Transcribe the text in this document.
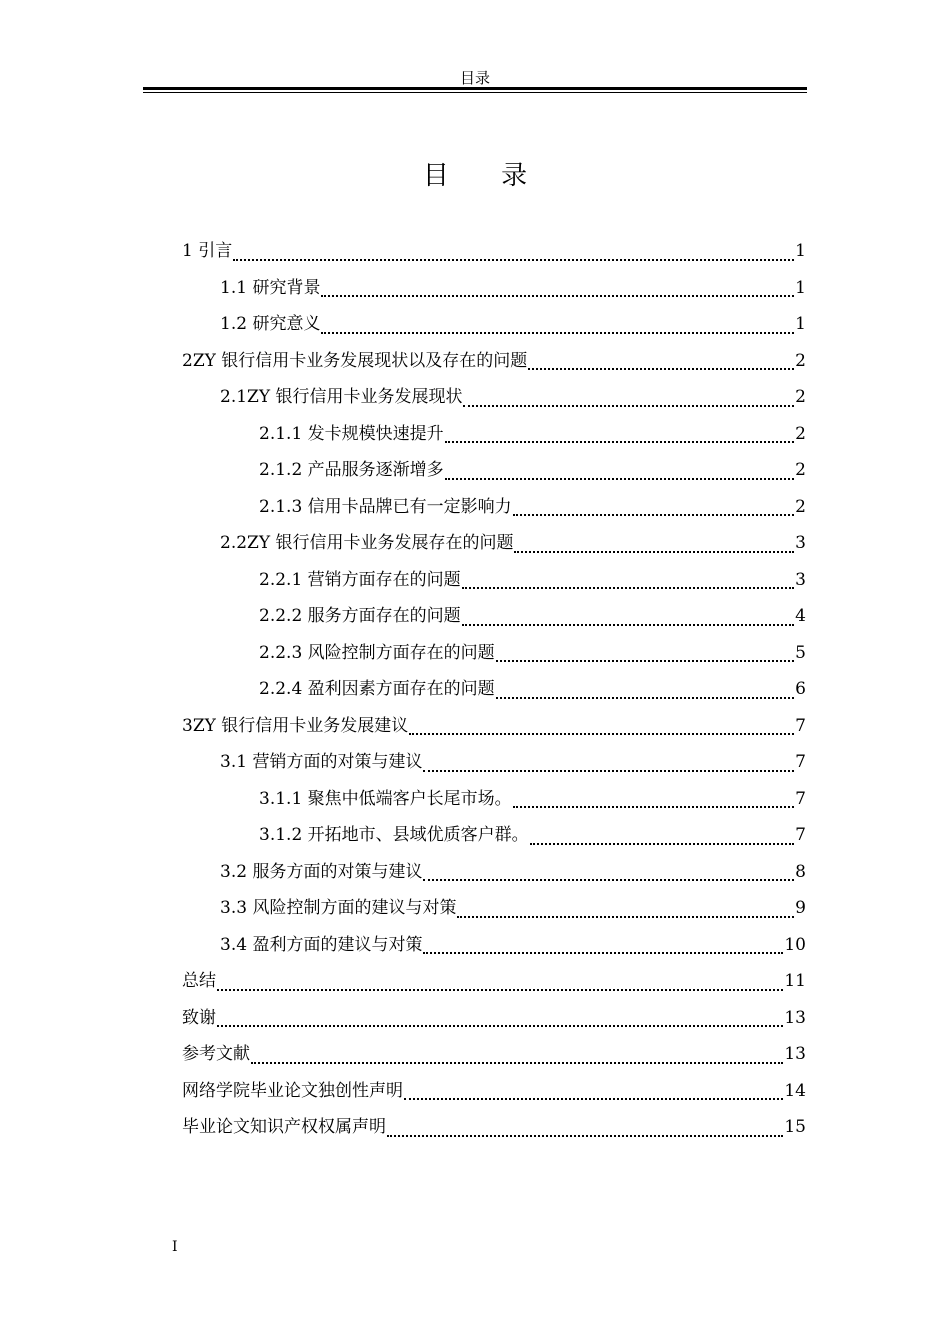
目录
目 录
1 引言	1
1.1 研究背景	1
1.2 研究意义	1
2ZY 银行信用卡业务发展现状以及存在的问题	2
2.1ZY 银行信用卡业务发展现状	2
2.1.1 发卡规模快速提升	2
2.1.2 产品服务逐渐增多	2
2.1.3 信用卡品牌已有一定影响力	2
2.2ZY 银行信用卡业务发展存在的问题	3
2.2.1 营销方面存在的问题	3
2.2.2 服务方面存在的问题	4
2.2.3 风险控制方面存在的问题	5
2.2.4 盈利因素方面存在的问题	6
3ZY 银行信用卡业务发展建议	7
3.1 营销方面的对策与建议	7
3.1.1 聚焦中低端客户长尾市场。	7
3.1.2 开拓地市、县域优质客户群。	7
3.2 服务方面的对策与建议	8
3.3 风险控制方面的建议与对策	9
3.4 盈利方面的建议与对策	10
总结	11
致谢	13
参考文献	13
网络学院毕业论文独创性声明	14
毕业论文知识产权权属声明	15
I
